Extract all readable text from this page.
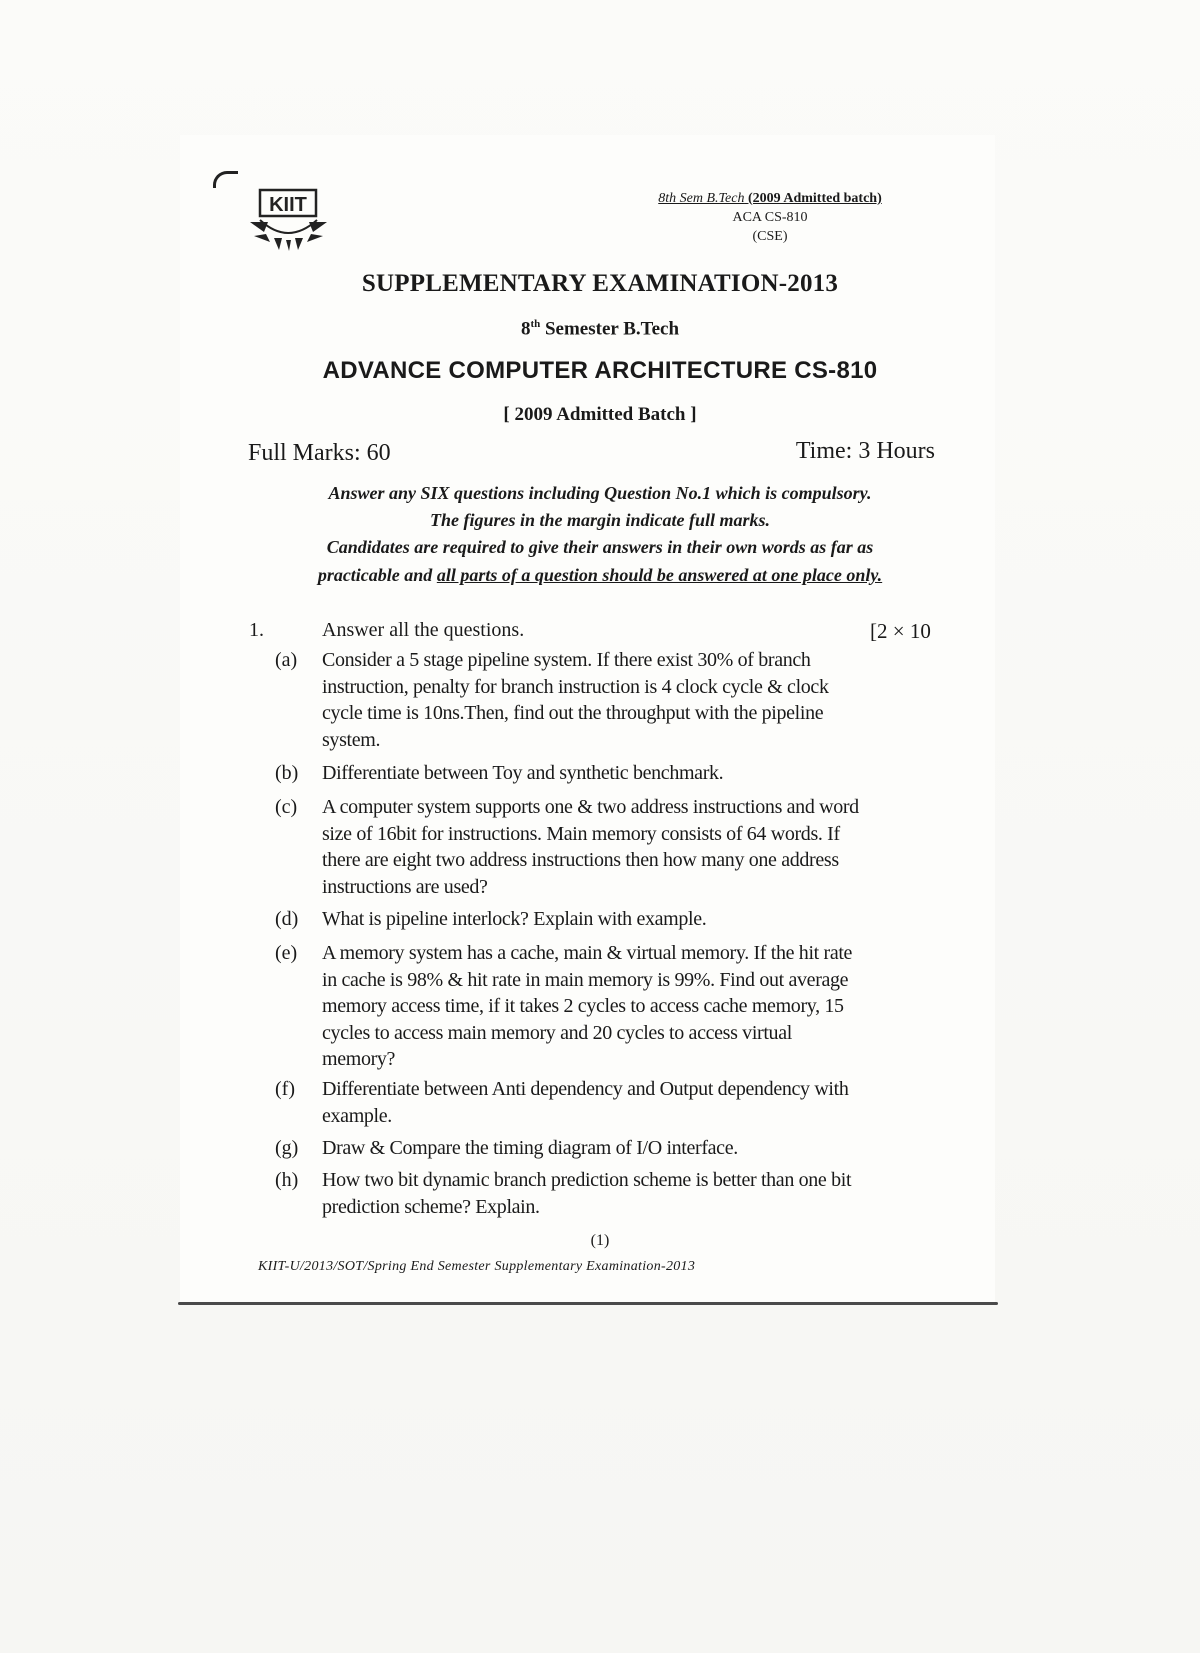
KIIT	8th Sem B.Tech (2009 Admitted batch)
ACA CS-810
(CSE)
SUPPLEMENTARY EXAMINATION-2013
8th Semester B.Tech
ADVANCE COMPUTER ARCHITECTURE CS-810
[ 2009 Admitted Batch ]
Full Marks: 60	Time: 3 Hours
Answer any SIX questions including Question No.1 which is compulsory.
The figures in the margin indicate full marks.
Candidates are required to give their answers in their own words as far as
practicable and all parts of a question should be answered at one place only.
1.	Answer all the questions.	[2 × 10
(a)	Consider a 5 stage pipeline system. If there exist 30% of branch instruction, penalty for branch instruction is 4 clock cycle & clock cycle time is 10ns.Then, find out the throughput with the pipeline system.
(b)	Differentiate between Toy and synthetic benchmark.
(c)	A computer system supports one & two address instructions and word size of 16bit for instructions. Main memory consists of 64 words. If there are eight two address instructions then how many one address instructions are used?
(d)	What is pipeline interlock? Explain with example.
(e)	A memory system has a cache, main & virtual memory. If the hit rate in cache is 98% & hit rate in main memory is 99%. Find out average memory access time, if it takes 2 cycles to access cache memory, 15 cycles to access main memory and 20 cycles to access virtual memory?
(f)	Differentiate between Anti dependency and Output dependency with example.
(g)	Draw & Compare the timing diagram of I/O interface.
(h)	How two bit dynamic branch prediction scheme is better than one bit prediction scheme? Explain.
(1)
KIIT-U/2013/SOT/Spring End Semester Supplementary Examination-2013
